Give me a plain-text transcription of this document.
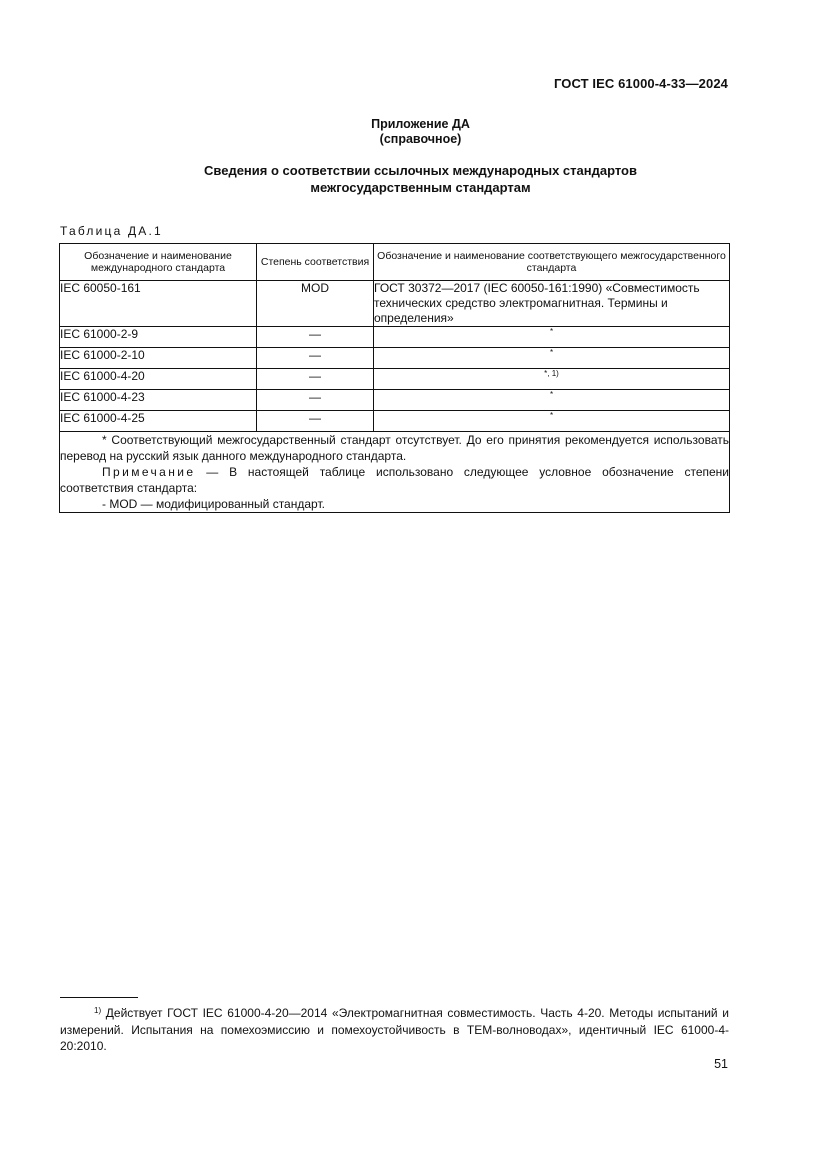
ГОСТ IEC 61000-4-33—2024
Приложение ДА
(справочное)
Сведения о соответствии ссылочных международных стандартов
межгосударственным стандартам
Таблица ДА.1
Обозначение и наименование международного стандарта	Степень соответствия	Обозначение и наименование соответствующего межгосударственного стандарта
IEC 60050-161	MOD	ГОСТ 30372—2017 (IEC 60050-161:1990) «Совместимость технических средство электромагнитная. Термины и определения»
IEC 61000-2-9	—	*
IEC 61000-2-10	—	*
IEC 61000-4-20	—	*, 1)
IEC 61000-4-23	—	*
IEC 61000-4-25	—	*

* Соответствующий межгосударственный стандарт отсутствует. До его принятия рекомендуется использовать перевод на русский язык данного международного стандарта.
Примечание — В настоящей таблице использовано следующее условное обозначение степени соответствия стандарта:
- MOD — модифицированный стандарт.		
$^{1)}$ Действует ГОСТ IEC 61000-4-20—2014 «Электромагнитная совместимость. Часть 4-20. Методы испытаний и измерений. Испытания на помехоэмиссию и помехоустойчивость в ТЕМ-волноводах», идентичный IEC 61000-4-20:2010.
51
